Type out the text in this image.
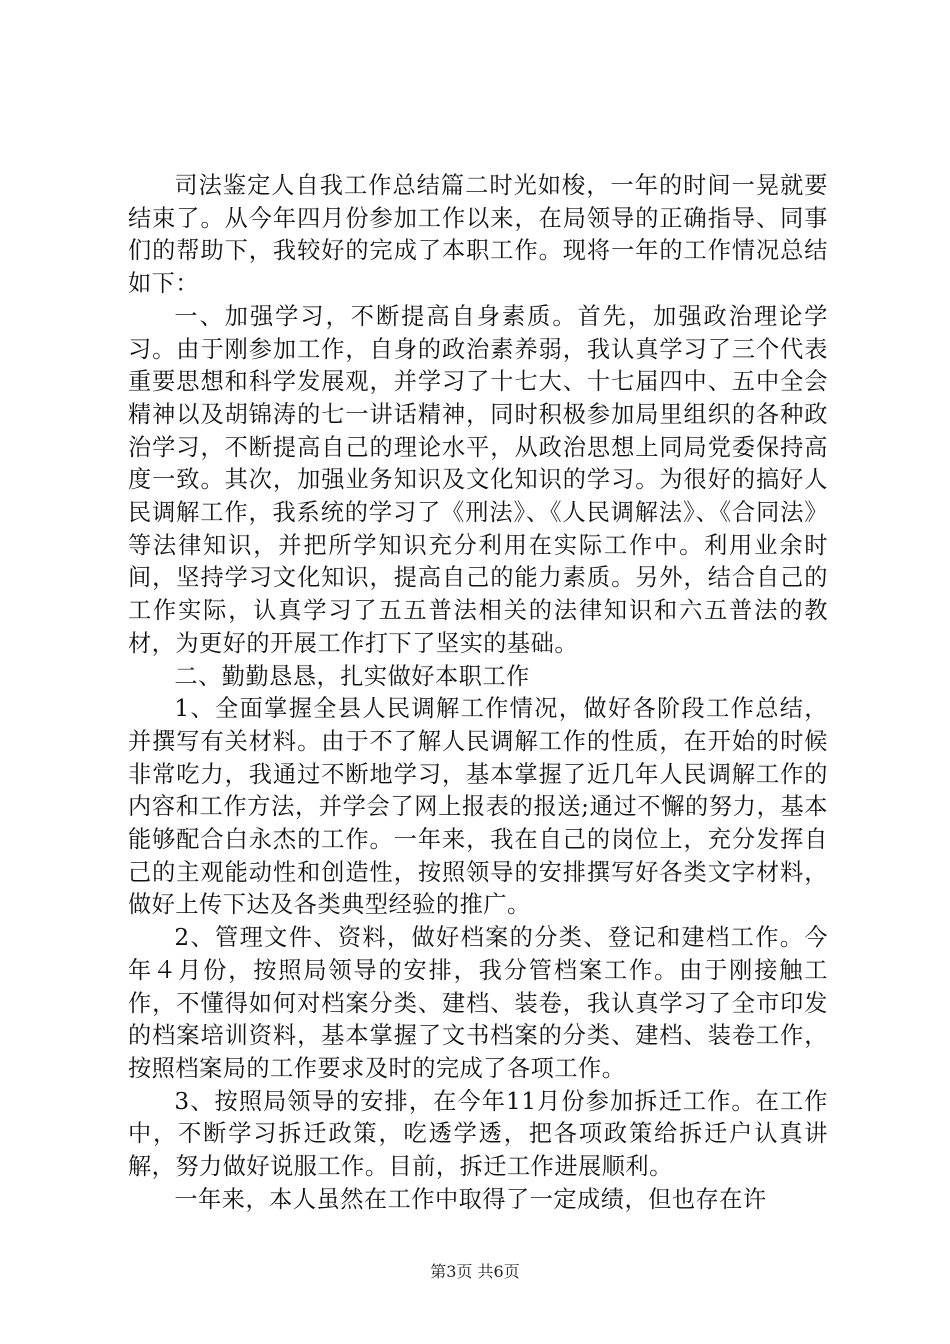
司法鉴定人自我工作总结篇二时光如梭，一年的时间一晃就要结束了。从今年四月份参加工作以来，在局领导的正确指导、同事们的帮助下，我较好的完成了本职工作。现将一年的工作情况总结如下：

一、加强学习，不断提高自身素质。首先，加强政治理论学习。由于刚参加工作，自身的政治素养弱，我认真学习了三个代表重要思想和科学发展观，并学习了十七大、十七届四中、五中全会精神以及胡锦涛的七一讲话精神，同时积极参加局里组织的各种政治学习，不断提高自己的理论水平，从政治思想上同局党委保持高度一致。其次，加强业务知识及文化知识的学习。为很好的搞好人民调解工作，我系统的学习了《刑法》、《人民调解法》、《合同法》等法律知识，并把所学知识充分利用在实际工作中。利用业余时间，坚持学习文化知识，提高自己的能力素质。另外，结合自己的工作实际，认真学习了五五普法相关的法律知识和六五普法的教材，为更好的开展工作打下了坚实的基础。

二、勤勤恳恳，扎实做好本职工作

1、全面掌握全县人民调解工作情况，做好各阶段工作总结，并撰写有关材料。由于不了解人民调解工作的性质，在开始的时候非常吃力，我通过不断地学习，基本掌握了近几年人民调解工作的内容和工作方法，并学会了网上报表的报送;通过不懈的努力，基本能够配合白永杰的工作。一年来，我在自己的岗位上，充分发挥自己的主观能动性和创造性，按照领导的安排撰写好各类文字材料，做好上传下达及各类典型经验的推广。

2、管理文件、资料，做好档案的分类、登记和建档工作。今年４月份，按照局领导的安排，我分管档案工作。由于刚接触工作，不懂得如何对档案分类、建档、装卷，我认真学习了全市印发的档案培训资料，基本掌握了文书档案的分类、建档、装卷工作，按照档案局的工作要求及时的完成了各项工作。

3、按照局领导的安排，在今年11月份参加拆迁工作。在工作中，不断学习拆迁政策，吃透学透，把各项政策给拆迁户认真讲解，努力做好说服工作。目前，拆迁工作进展顺利。

一年来，本人虽然在工作中取得了一定成绩，但也存在许

第3页 共6页
